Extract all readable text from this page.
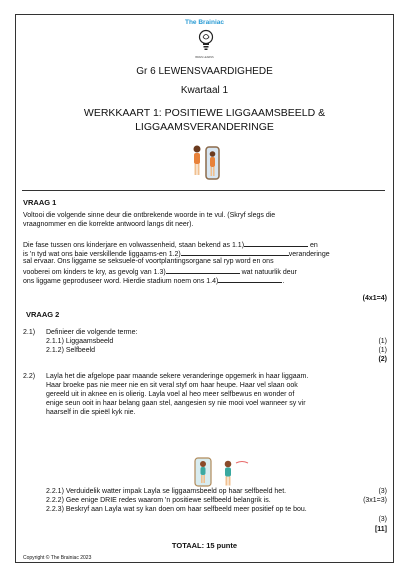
The Brainiac
BRAIN LEARNS
Gr 6 LEWENSVAARDIGHEDE
Kwartaal 1
WERKKAART 1: POSITIEWE LIGGAAMSBEELD &
LIGGAAMSVERANDERINGE
VRAAG 1
Voltooi die volgende sinne deur die ontbrekende woorde in te vul. (Skryf slegs die
vraagnommer en die korrekte antwoord langs dit neer).
Die fase tussen ons kinderjare en volwassenheid, staan bekend as 1.1)	en
is 'n tyd wat ons baie verskillende liggaams-en 1.2)	veranderinge
sal ervaar. Ons liggame se seksuele-of voortplantingsorgane sal ryp word en ons
vooberei om kinders te kry, as gevolg van 1.3)	wat natuurlik deur
ons liggame geproduseer word. Hierdie stadium noem ons 1.4)	.
(4x1=4)
VRAAG 2
2.1) Definieer die volgende terme:
2.1.1) Liggaamsbeeld	(1)
2.1.2) Selfbeeld	(1)
(2)
2.2) Layla het die afgelope paar maande sekere veranderinge opgemerk in haar liggaam.
Haar broeke pas nie meer nie en sit veral styf om haar heupe. Haar vel slaan ook
gereeld uit in aknee en is olierig. Layla voel al heo meer selfbewus en wonder of
enige seun ooit in haar belang gaan stel, aangesien sy nie mooi voel wanneer sy vir
haarself in die spieël kyk nie.
2.2.1) Verduidelik watter impak Layla se liggaamsbeeld op haar selfbeeld het.	(3)
2.2.2) Gee enige DRIE redes waarom 'n positiewe selfbeeld belangrik is.	(3x1=3)
2.2.3) Beskryf aan Layla wat sy kan doen om haar selfbeeld meer positief op te bou.
(3)
[11]
TOTAAL: 15 punte
Copyright © The Brainiac 2023
